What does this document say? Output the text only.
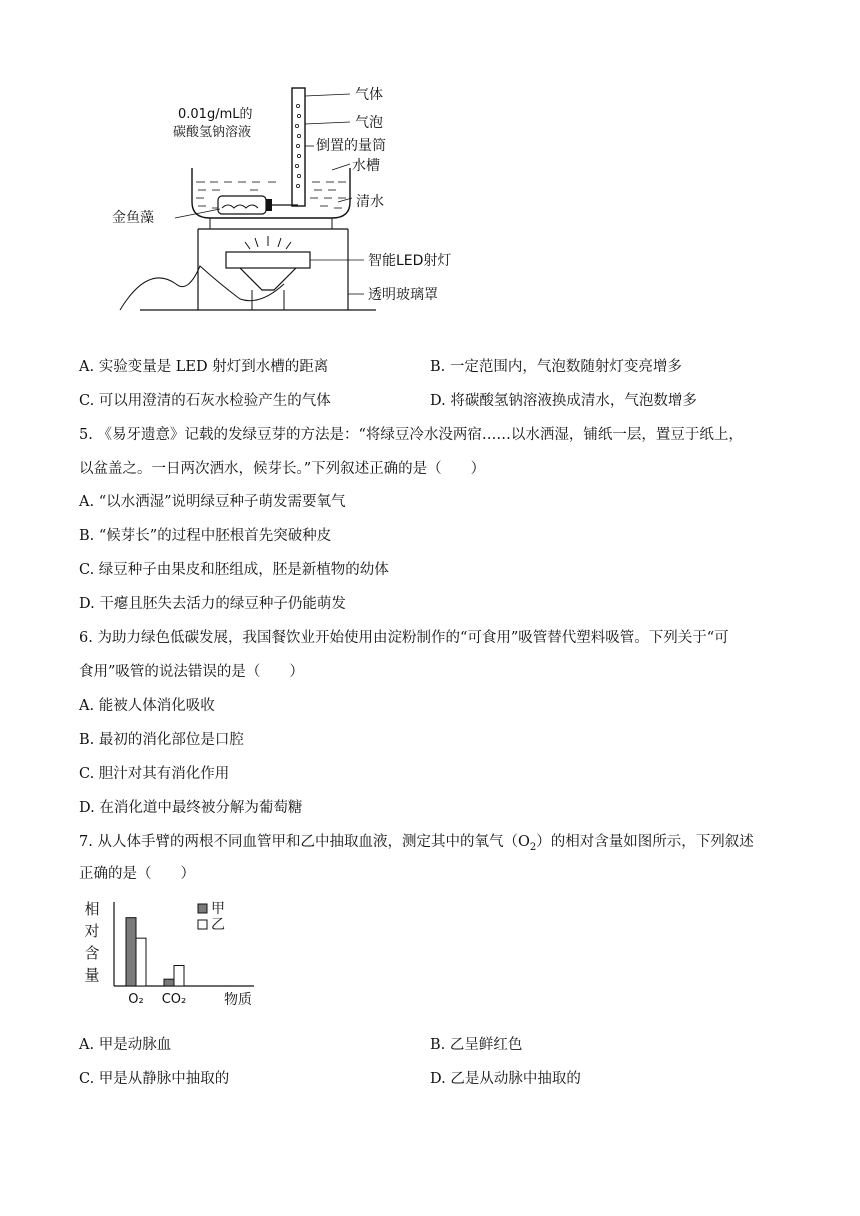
0.01g/mL的
碳酸氢钠溶液
金鱼藻
气体
气泡
倒置的量筒
水槽
清水
智能LED射灯
透明玻璃罩
A. 实验变量是 LED 射灯到水槽的距离	B. 一定范围内，气泡数随射灯变亮增多
C. 可以用澄清的石灰水检验产生的气体	D. 将碳酸氢钠溶液换成清水，气泡数增多
5. 《易牙遗意》记载的发绿豆芽的方法是：“将绿豆冷水没两宿……以水洒湿，铺纸一层，置豆于纸上，
以盆盖之。一日两次洒水，候芽长。”下列叙述正确的是（　　）
A. “以水洒湿”说明绿豆种子萌发需要氧气
B. “候芽长”的过程中胚根首先突破种皮
C. 绿豆种子由果皮和胚组成，胚是新植物的幼体
D. 干瘪且胚失去活力的绿豆种子仍能萌发
6. 为助力绿色低碳发展，我国餐饮业开始使用由淀粉制作的“可食用”吸管替代塑料吸管。下列关于“可
食用”吸管的说法错误的是（　　）
A. 能被人体消化吸收
B. 最初的消化部位是口腔
C. 胆汁对其有消化作用
D. 在消化道中最终被分解为葡萄糖
7. 从人体手臂的两根不同血管甲和乙中抽取血液，测定其中的氧气$(O_2)$的相对含量如图所示，下列叙述
正确的是（　　）
相
对
含
量
O₂ CO₂	物质
甲
乙
A. 甲是动脉血	B. 乙呈鲜红色
C. 甲是从静脉中抽取的	D. 乙是从动脉中抽取的
